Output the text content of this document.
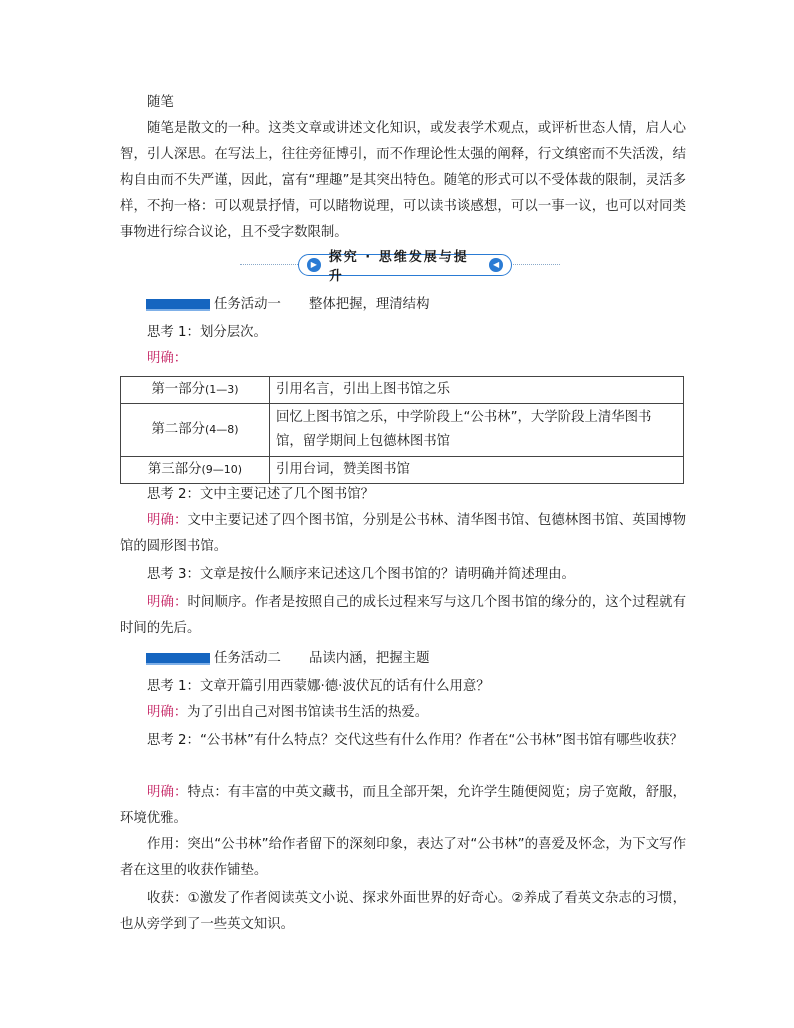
随笔

随笔是散文的一种。这类文章或讲述文化知识，或发表学术观点，或评析世态人情，启人心智，引人深思。在写法上，往往旁征博引，而不作理论性太强的阐释，行文缜密而不失活泼，结构自由而不失严谨，因此，富有“理趣”是其突出特色。随笔的形式可以不受体裁的限制，灵活多样，不拘一格：可以观景抒情，可以睹物说理，可以读书谈感想，可以一事一议，也可以对同类事物进行综合议论，且不受字数限制。

▶ 探究 · 思维发展与提升
◀
任务活动一 整体把握，理清结构

思考 1：划分层次。

明确：

第一部分(1—3)	引用名言，引出上图书馆之乐
第二部分(4—8)	回忆上图书馆之乐，中学阶段上“公书林”，大学阶段上清华图书馆，留学期间上包德林图书馆
第三部分(9—10)	引用台词，赞美图书馆

思考 2：文中主要记述了几个图书馆？

明确：文中主要记述了四个图书馆，分别是公书林、清华图书馆、包德林图书馆、英国博物馆的圆形图书馆。

思考 3：文章是按什么顺序来记述这几个图书馆的？请明确并简述理由。

明确：时间顺序。作者是按照自己的成长过程来写与这几个图书馆的缘分的，这个过程就有时间的先后。

任务活动二 品读内涵，把握主题

思考 1：文章开篇引用西蒙娜·德·波伏瓦的话有什么用意？

明确：为了引出自己对图书馆读书生活的热爱。

思考 2：“公书林”有什么特点？交代这些有什么作用？作者在“公书林”图书馆有哪些收获？

明确：特点：有丰富的中英文藏书，而且全部开架，允许学生随便阅览；房子宽敞，舒服，环境优雅。

作用：突出“公书林”给作者留下的深刻印象，表达了对“公书林”的喜爱及怀念，为下文写作者在这里的收获作铺垫。

收获：①激发了作者阅读英文小说、探求外面世界的好奇心。②养成了看英文杂志的习惯，也从旁学到了一些英文知识。
